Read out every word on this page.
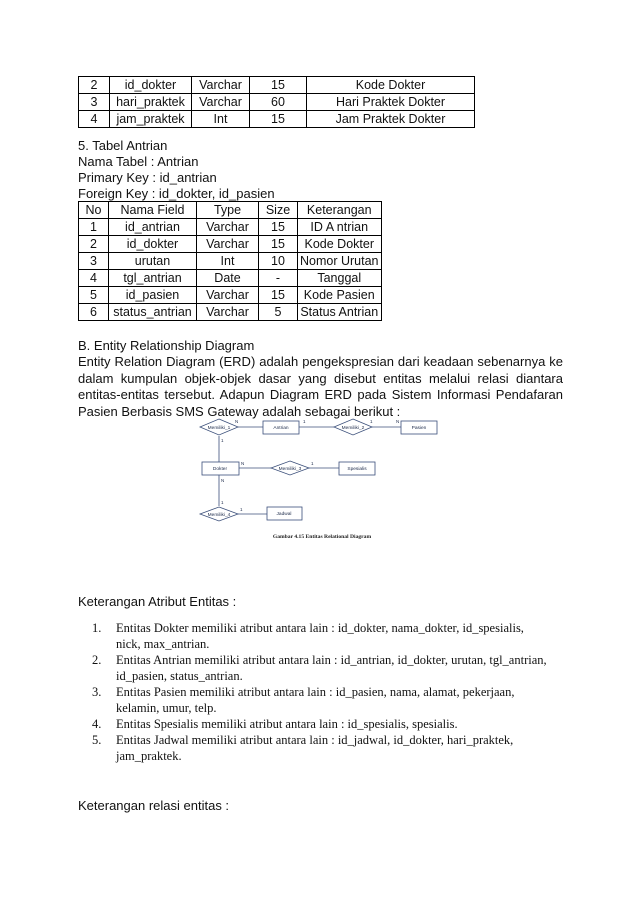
2	id_dokter	Varchar	15	Kode Dokter
3	hari_praktek	Varchar	60	Hari Praktek Dokter
4	jam_praktek	Int	15	Jam Praktek Dokter
5. Tabel Antrian
Nama Tabel : Antrian
Primary Key : id_antrian
Foreign Key : id_dokter, id_pasien
No	Nama Field	Type	Size	Keterangan
1	id_antrian	Varchar	15	ID A ntrian
2	id_dokter	Varchar	15	Kode Dokter
3	urutan	Int	10	Nomor Urutan
4	tgl_antrian	Date	-	Tanggal
5	id_pasien	Varchar	15	Kode Pasien
6	status_antrian	Varchar	5	Status Antrian
B. Entity Relationship Diagram
Entity Relation Diagram (ERD) adalah pengekspresian dari keadaan sebenarnya ke
dalam kumpulan objek-objek dasar yang disebut entitas melalui relasi diantara
entitas-entitas tersebut. Adapun Diagram ERD pada Sistem Informasi Pendafaran
Pasien Berbasis SMS Gateway adalah sebagai berikut :
Memiliki_1	Memiliki_2
Memiliki_3
Memiliki_4
Antrian	Pasien
Dokter	Spesialis
Jadwal
N	1	1	N
1
N	1
N
1
1
Gambar 4.15 Entitas Relational Diagram
Keterangan Atribut Entitas :
1. Entitas Dokter memiliki atribut antara lain : id_dokter, nama_dokter, id_spesialis,
nick, max_antrian.
2. Entitas Antrian memiliki atribut antara lain : id_antrian, id_dokter, urutan, tgl_antrian,
id_pasien, status_antrian.
3. Entitas Pasien memiliki atribut antara lain : id_pasien, nama, alamat, pekerjaan,
kelamin, umur, telp.
4. Entitas Spesialis memiliki atribut antara lain : id_spesialis, spesialis.
5. Entitas Jadwal memiliki atribut antara lain : id_jadwal, id_dokter, hari_praktek,
jam_praktek.
Keterangan relasi entitas :
